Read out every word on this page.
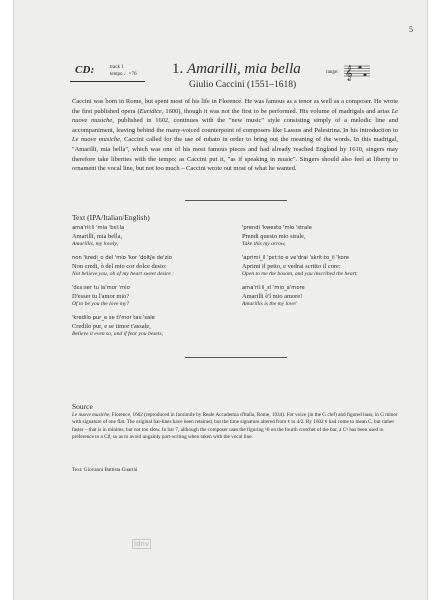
5
CD:	track 1
tempo ♩=76 1. Amarilli, mia bella
Giulio Caccini (1551–1618)
range: 𝄞

Caccini was born in Rome, but spent most of his life in Florence. He was famous as a tenor as well as a composer. He wrote the first published opera (Euridice, 1600), though it was not the first to be performed. His volume of madrigals and arias Le nuove musiche, published in 1602, continues with the "new music" style consisting simply of a melodic line and accompaniment, leaving behind the many-voiced counterpoint of composers like Lassus and Palestrina. In his introduction to Le nuove musiche, Caccini called for the use of rubato in order to bring out the meaning of the words. In this madrigal, "Amarilli, mia bella", which was one of his most famous pieces and had already reached England by 1610, singers may therefore take liberties with the tempo; as Caccini put it, "as if speaking in music". Singers should also feel at liberty to ornament the vocal line, but not too much – Caccini wrote out most of what he wanted.

Text (IPA/Italian/English)
ama'ril:li 'mia 'bɛl:la
Amarilli, mia bella,
Amarillis, my lovely,
non 'kredi_o del 'mio 'kor 'doltʃe de'zio
Non credi, ò del mio cor dolce desio:
Not believe you, oh of my heart sweet desire :
'dɛs:ser tu la'mor 'mio
D'esser tu l'amor mio?
Of to be you the love my?
'kredilo pur_e se ti'mor tas:'sale
Credilo pur, e se timor t'assale,
Believe it even so, and if fear you besets,
'prendi 'kwesto 'mio 'strale
Prendi questo mio strale,
Take this my arrow,
'aprimi_il 'pɛt:to e ve'drai 'skrit:to_il 'kore
Aprimi il petto, e vedrai scritto il core:
Open to me the bosom, and you inscribed the heart:
ama'ril:li_ɛl 'mio_a'more
Amarilli è'l mio amore!
Amarillis is the my love!
Source

Le nuove musiche, Florence, 1602 (reproduced in facsimile by Reale Accademia d'Italia, Rome, 1934). For voice (in the G clef) and figured bass; in G minor with signature of one flat. The original bar-lines have been retained, but the time signature altered from ¢ to 4/2. By 1602 ¢ had come to mean C, but rather faster – that is in minims, but not too slow. In bar 7, although the composer uses the figuring ♮6 on the fourth crotchet of the bar, a C♮ has been used in preference to a C♯, so as to avoid ungainly part-writing when taken with the vocal line.

Text: Giovanni Battista Guarini
idnv
